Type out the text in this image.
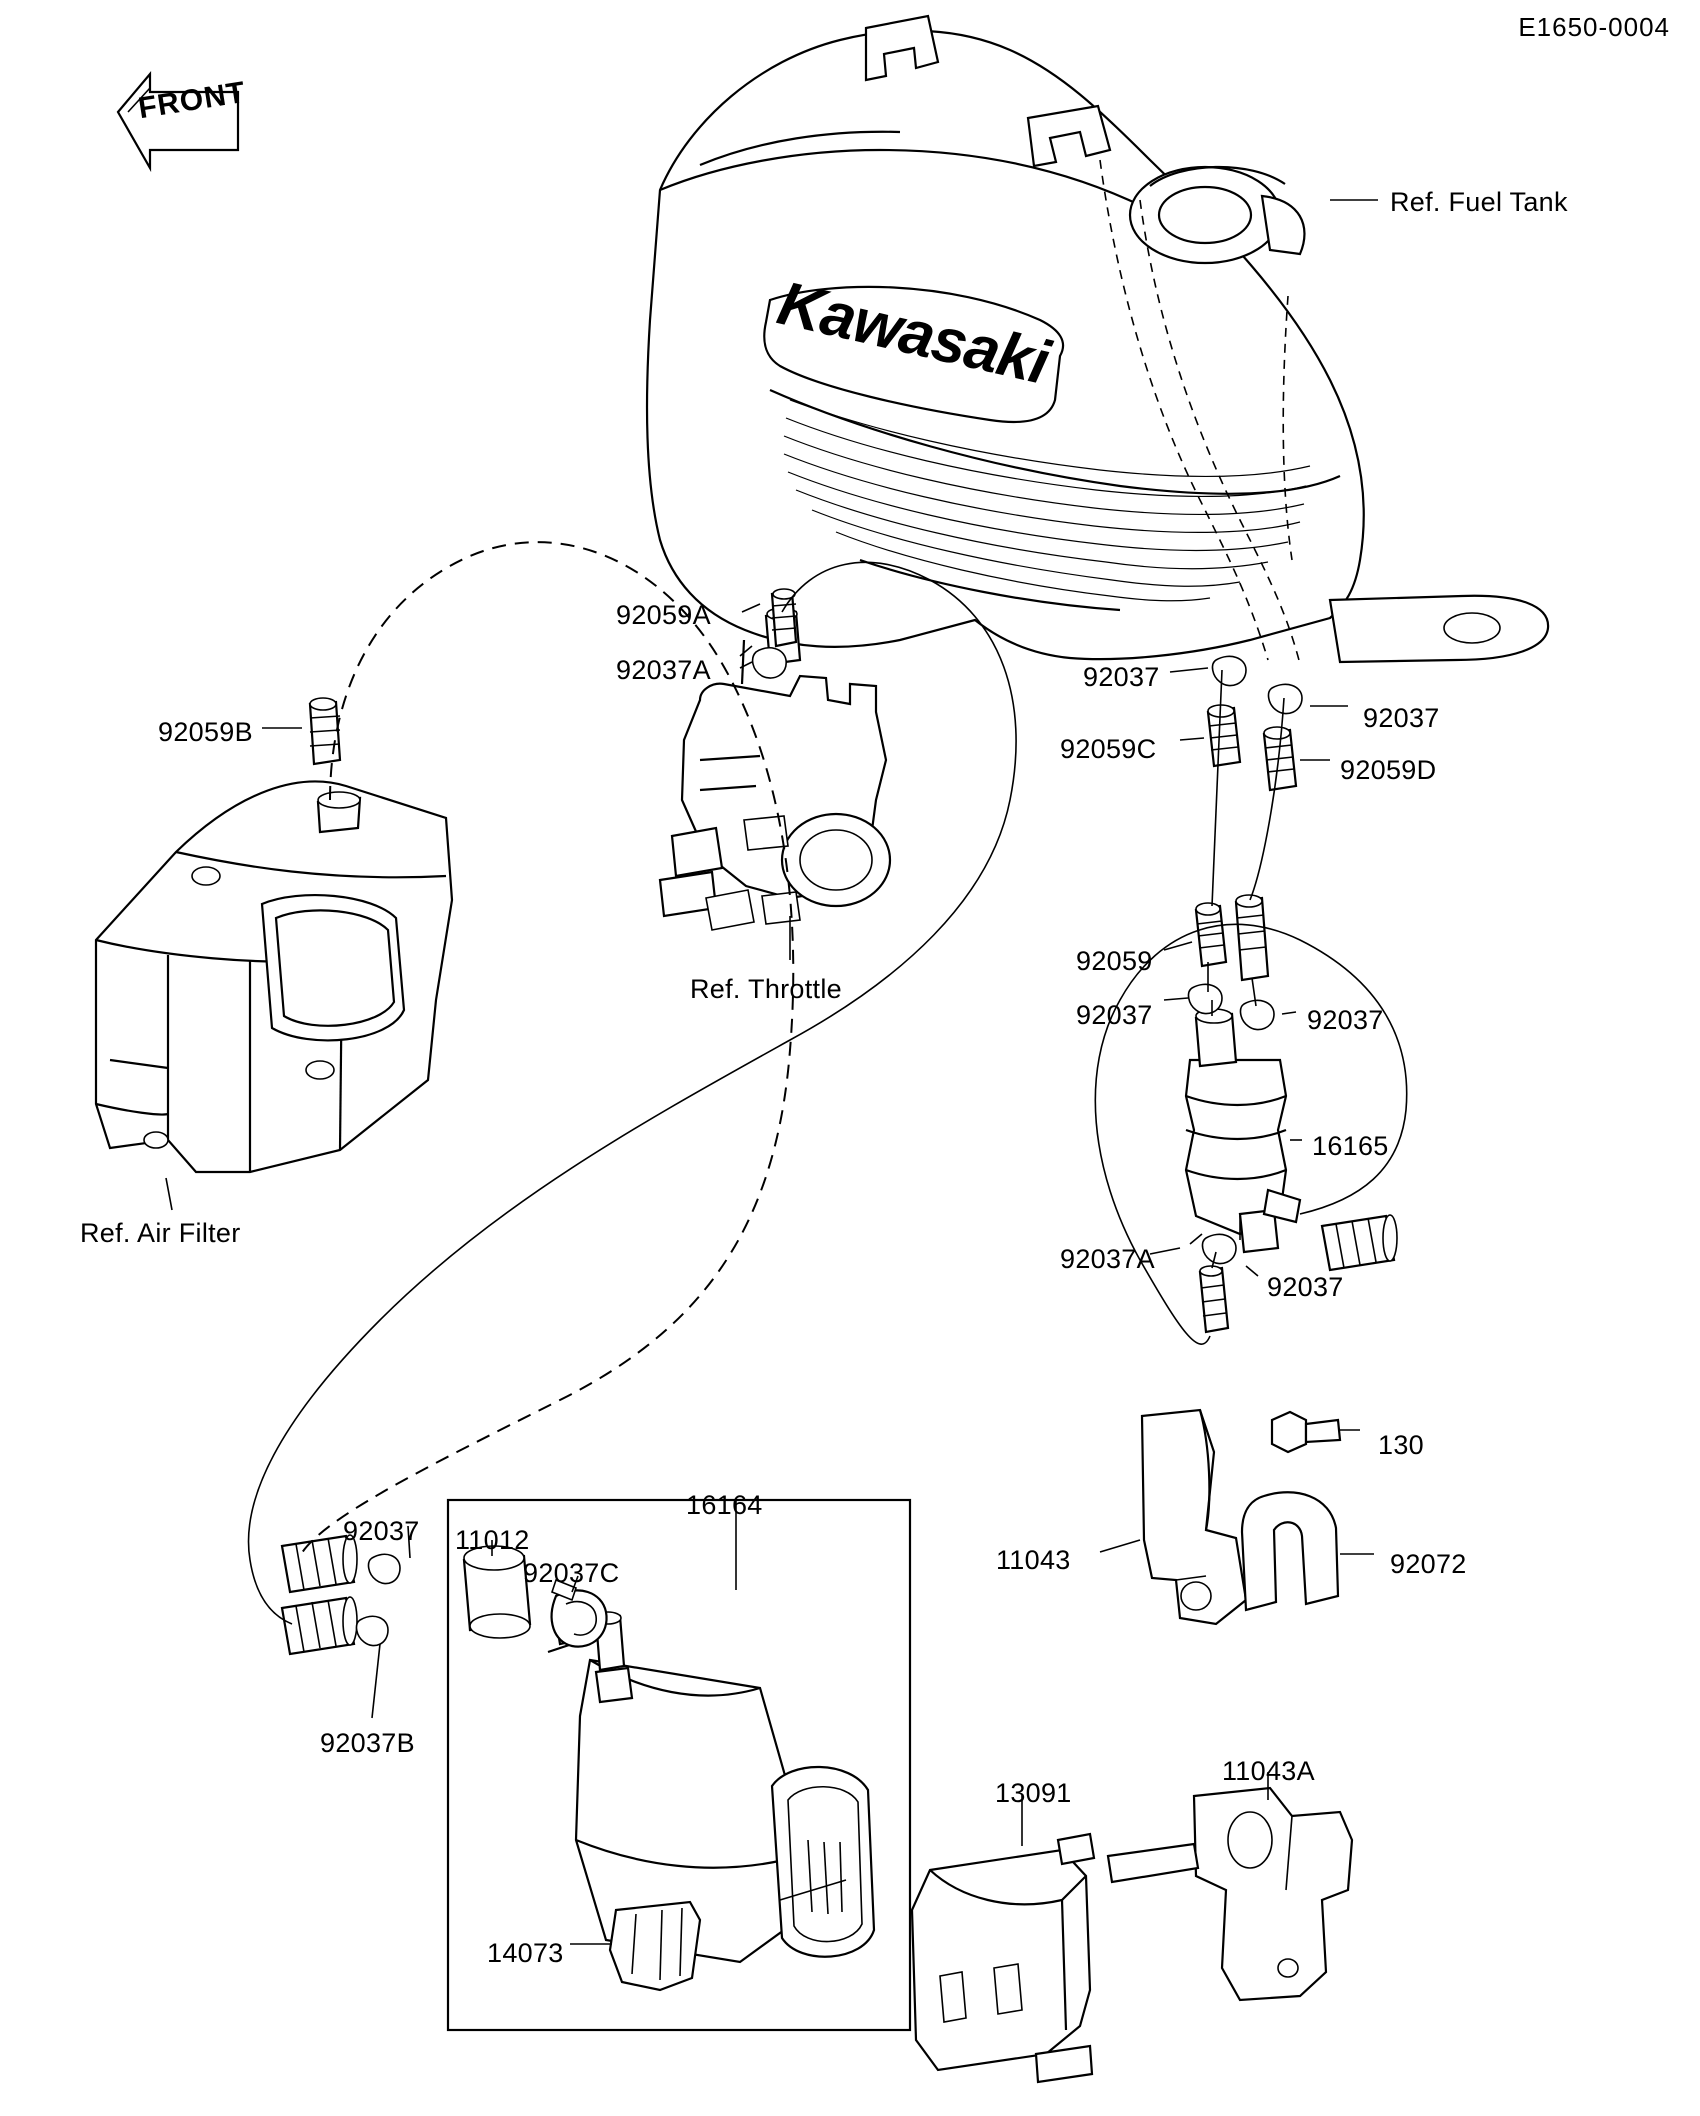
E1650-0004
FRONT
Ref. Fuel Tank
Ref. Throttle
Ref. Air Filter
92059A
92037A
92059B
92037
92037
92059C
92059D
92059
92037	92037
16165
92037A
92037
130
11043	92072
16164
92037 11012
92037C
92037B
13091
11043A
14073
Kawasaki
